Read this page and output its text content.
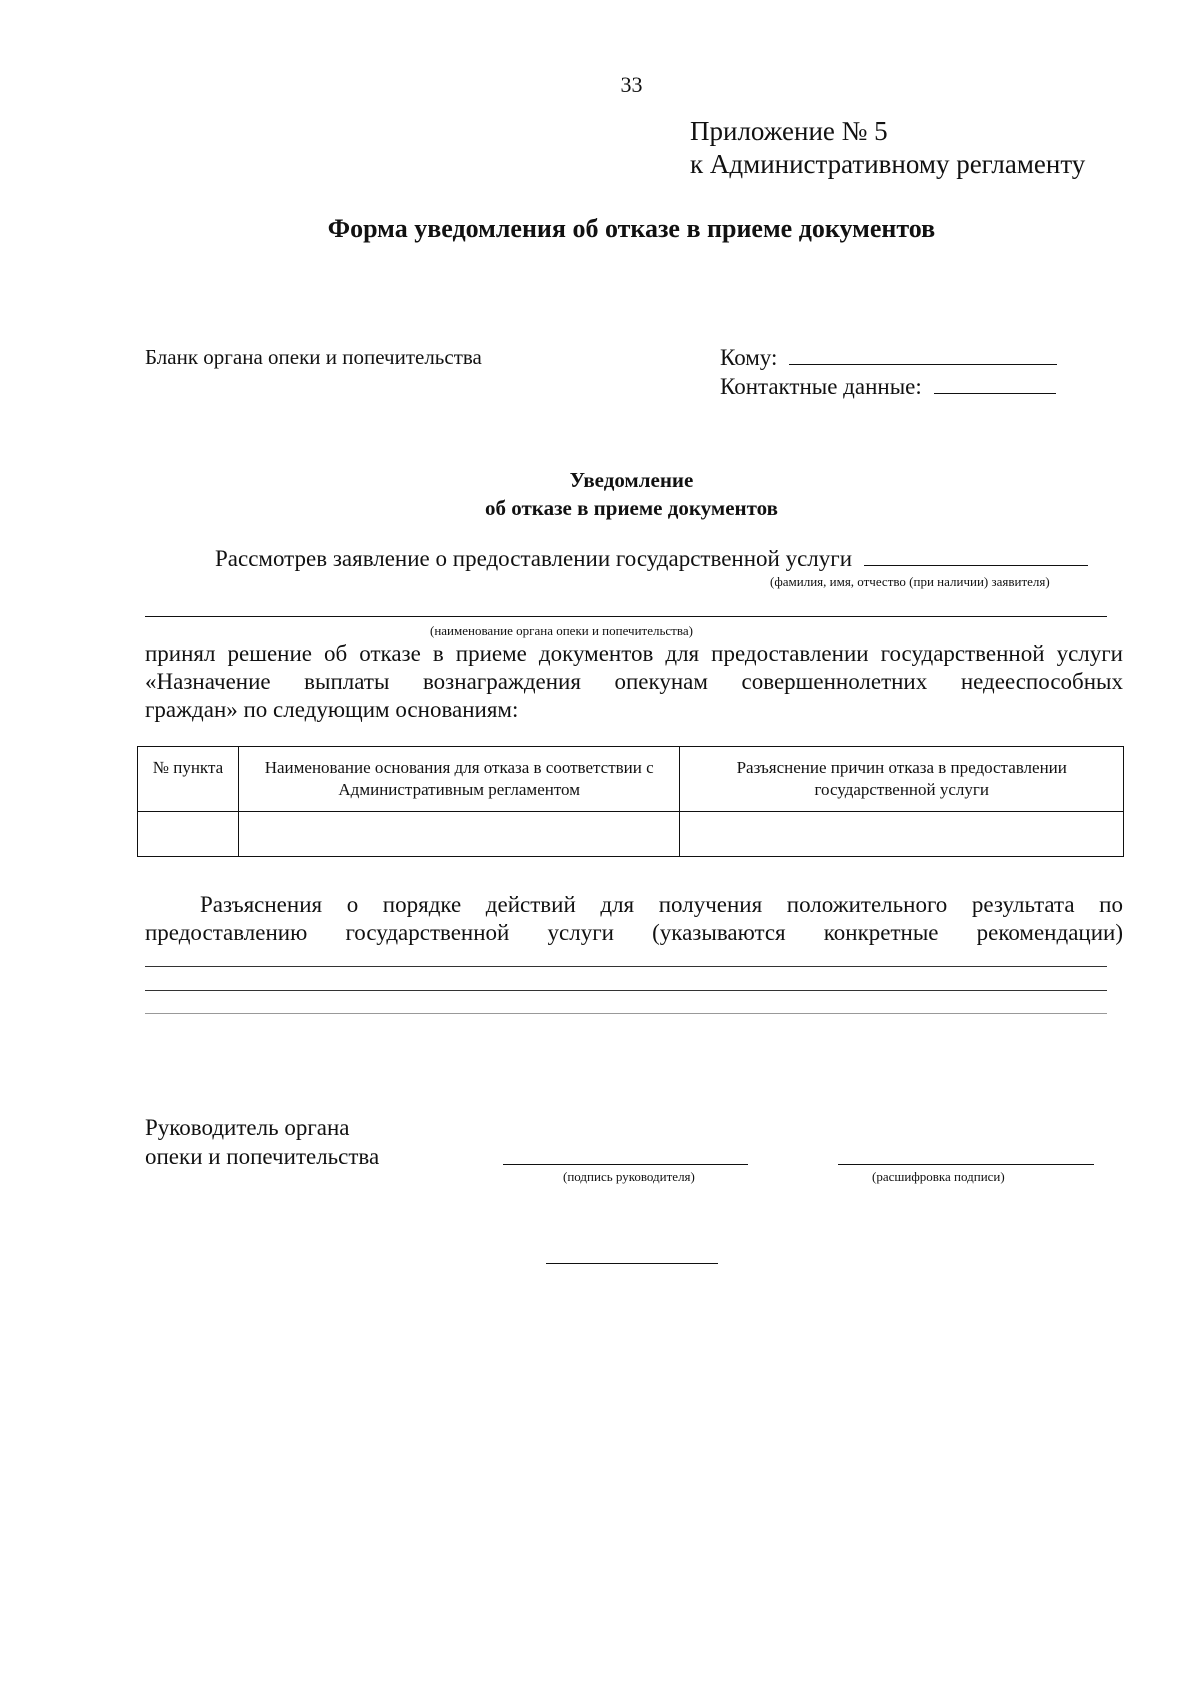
33
Приложение № 5
к Административному регламенту
Форма уведомления об отказе в приеме документов
Бланк органа опеки и попечительства	Кому:
Контактные данные:
Уведомление
об отказе в приеме документов
Рассмотрев заявление о предоставлении государственной услуги
(фамилия, имя, отчество (при наличии) заявителя)
(наименование органа опеки и попечительства)
принял решение об отказе в приеме документов для предоставлении государственной услуги
«Назначение выплаты вознаграждения опекунам совершеннолетних недееспособных
граждан» по следующим основаниям:
№ пункта	Наименование основания для отказа в соответствии с Административным регламентом	Разъяснение причин отказа в предоставлении государственной услуги

Разъяснения о порядке действий для получения положительного результата по
предоставлению государственной услуги (указываются конкретные рекомендации)
Руководитель органа
опеки и попечительства
(подпись руководителя)	(расшифровка подписи)
